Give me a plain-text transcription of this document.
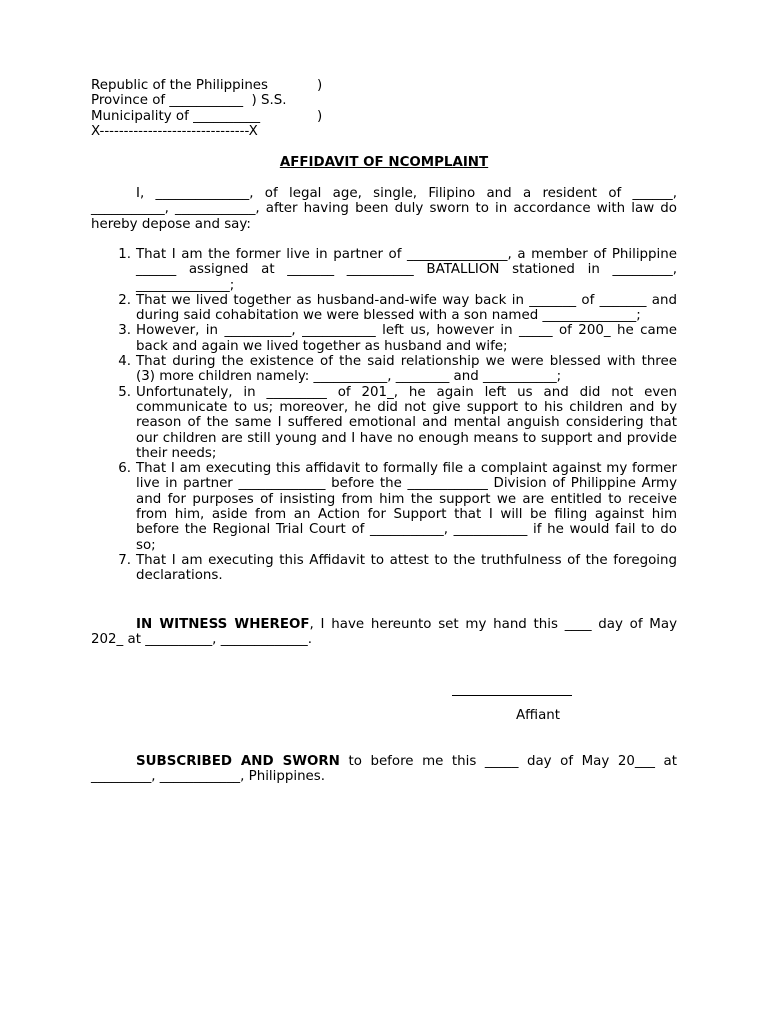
Republic of the Philippines	)
Province of ___________  ) S.S.
Municipality of __________	)
X-------------------------------X
AFFIDAVIT OF NCOMPLAINT
I, ______________, of legal age, single, Filipino and a resident of ______, ___________, ____________, after having been duly sworn to in accordance with law do hereby depose and say:
1. That I am the former live in partner of _______________, a member of Philippine ______ assigned at _______ __________ BATALLION stationed in _________, ______________;
2. That we lived together as husband-and-wife way back in _______ of _______ and during said cohabitation we were blessed with a son named ______________;
3. However, in __________, ___________ left us, however in _____ of 200_ he came back and again we lived together as husband and wife;
4. That during the existence of the said relationship we were blessed with three (3) more children namely: ___________, ________ and ___________;
5. Unfortunately, in _________ of 201_, he again left us and did not even communicate to us; moreover, he did not give support to his children and by reason of the same I suffered emotional and mental anguish considering that our children are still young and I have no enough means to support and provide their needs;
6. That I am executing this affidavit to formally file a complaint against my former live in partner _____________ before the ____________ Division of Philippine Army and for purposes of insisting from him the support we are entitled to receive from him, aside from an Action for Support that I will be filing against him before the Regional Trial Court of ___________, ___________ if he would fail to do so;
7. That I am executing this Affidavit to attest to the truthfulness of the foregoing declarations.
IN WITNESS WHEREOF, I have hereunto set my hand this ____ day of May 202_ at __________, _____________.
Affiant
SUBSCRIBED AND SWORN to before me this _____ day of May 20___ at _________, ____________, Philippines.
